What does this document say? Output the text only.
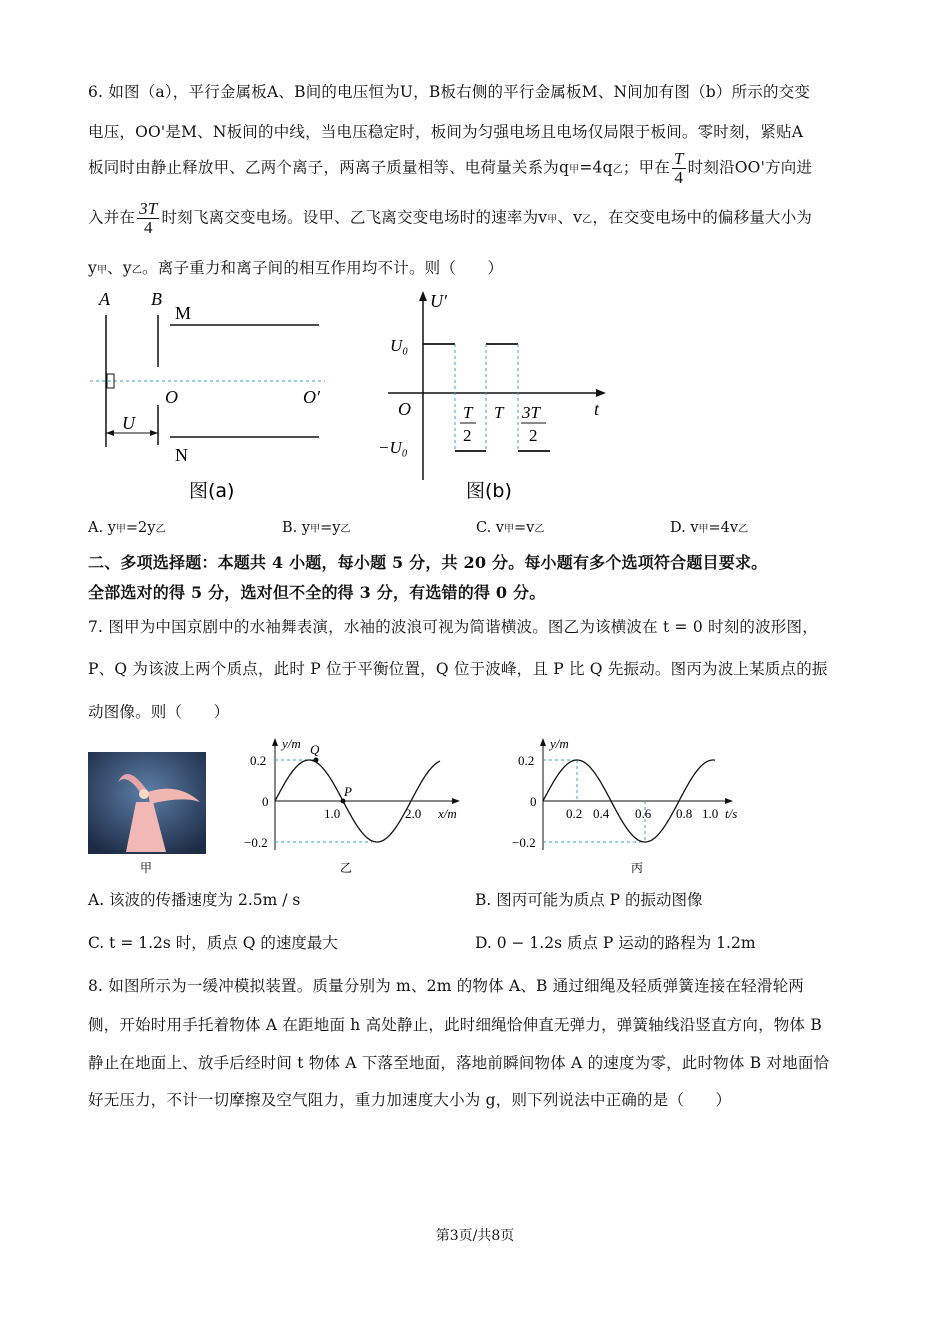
6. 如图（a），平行金属板A、B间的电压恒为U，B板右侧的平行金属板M、N间加有图（b）所示的交变
电压，OO'是M、N板间的中线，当电压稳定时，板间为匀强电场且电场仅局限于板间。零时刻，紧贴A
板同时由静止释放甲、乙两个离子，两离子质量相等、电荷量关系为q甲=4q乙；甲在 $\frac{T}{4}$ 时刻沿OO'方向进
入并在 $\frac{3T}{4}$ 时刻飞离交变电场。设甲、乙飞离交变电场时的速率为v甲、v乙，在交变电场中的偏移量大小为
y甲、y乙。离子重力和离子间的相互作用均不计。则（　　）
A B
M
O	O′
U
N
图(a)
U′
t
O
U₀
−U₀
T
2
T 3T
2
图(b)
A. y甲=2y乙	B. y甲=y乙	C. v甲=v乙	D. v甲=4v乙
二、多项选择题：本题共 4 小题，每小题 5 分，共 20 分。每小题有多个选项符合题目要求。
全部选对的得 5 分，选对但不全的得 3 分，有选错的得 0 分。
7. 图甲为中国京剧中的水袖舞表演，水袖的波浪可视为简谐横波。图乙为该横波在 t = 0 时刻的波形图，
P、Q 为该波上两个质点，此时 P 位于平衡位置，Q 位于波峰，且 P 比 Q 先振动。图丙为波上某质点的振
动图像。则（　　）
甲
y/m
x/m
0.2
0
−0.2
1.0	2.0
Q
P
乙
y/m
t/s
0.2
0
−0.2
0.2 0.4 0.6 0.8 1.0
丙
A. 该波的传播速度为 2.5m / s	B. 图丙可能为质点 P 的振动图像
C. t = 1.2s 时，质点 Q 的速度最大	D. 0 − 1.2s 质点 P 运动的路程为 1.2m
8. 如图所示为一缓冲模拟装置。质量分别为 m、2m 的物体 A、B 通过细绳及轻质弹簧连接在轻滑轮两
侧，开始时用手托着物体 A 在距地面 h 高处静止，此时细绳恰伸直无弹力，弹簧轴线沿竖直方向，物体 B
静止在地面上、放手后经时间 t 物体 A 下落至地面，落地前瞬间物体 A 的速度为零，此时物体 B 对地面恰
好无压力，不计一切摩擦及空气阻力，重力加速度大小为 g，则下列说法中正确的是（　　）
第3页/共8页
